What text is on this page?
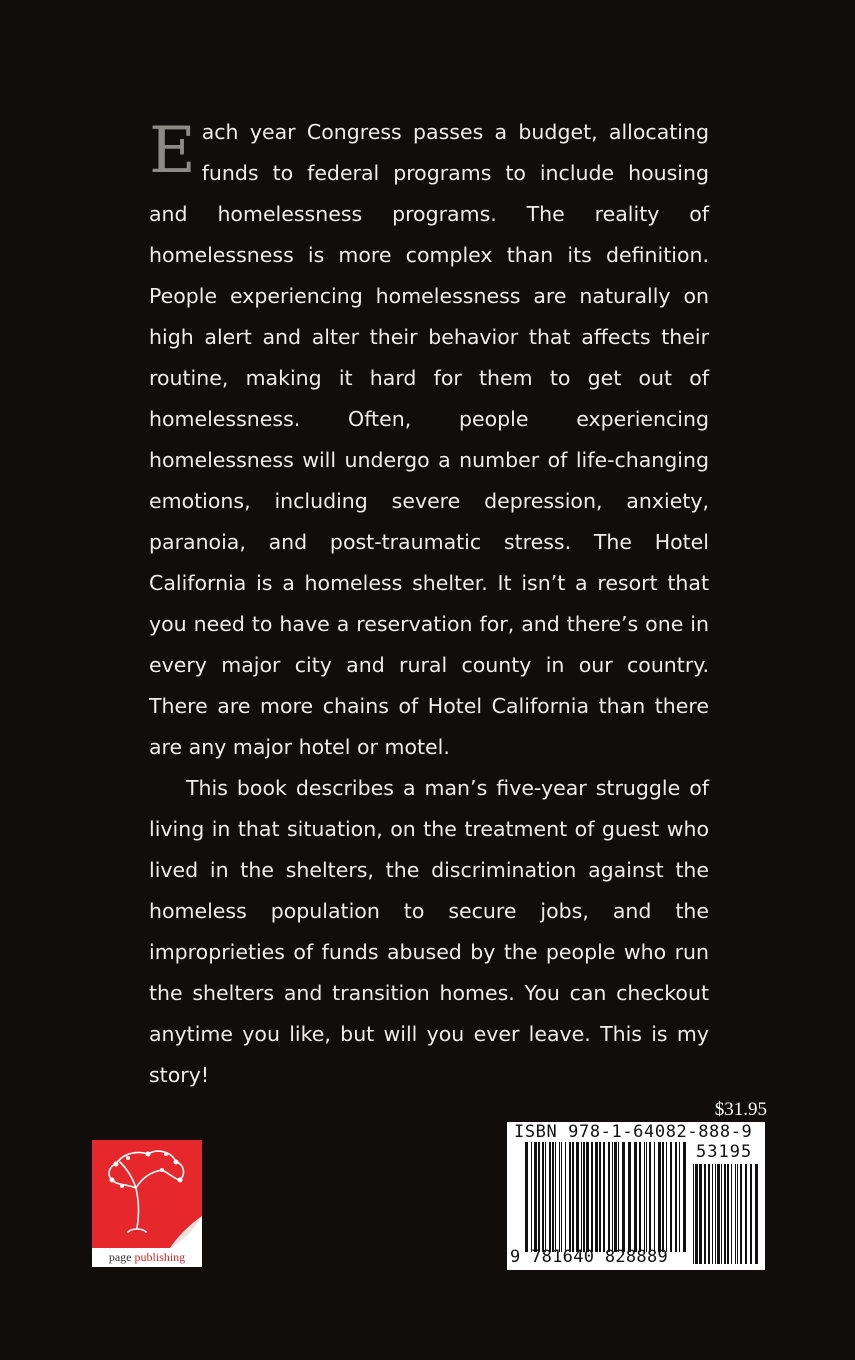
Each year Congress passes a budget, allocating funds to federal programs to include housing and homelessness programs. The reality of homelessness is more complex than its definition. People experiencing homelessness are naturally on high alert and alter their behavior that affects their routine, making it hard for them to get out of homelessness. Often, people experiencing homelessness will undergo a number of life-changing emotions, including severe depression, anxiety, paranoia, and post-traumatic stress. The Hotel California is a homeless shelter. It isn’t a resort that you need to have a reservation for, and there’s one in every major city and rural county in our country. There are more chains of Hotel California than there are any major hotel or motel.

This book describes a man’s five-year struggle of living in that situation, on the treatment of guest who lived in the shelters, the discrimination against the homeless population to secure jobs, and the improprieties of funds abused by the people who run the shelters and transition homes. You can checkout anytime you like, but will you ever leave. This is my story!

$31.95
ISBN 978-1-64082-888-9
53195
9 781640 828889
page publishing
